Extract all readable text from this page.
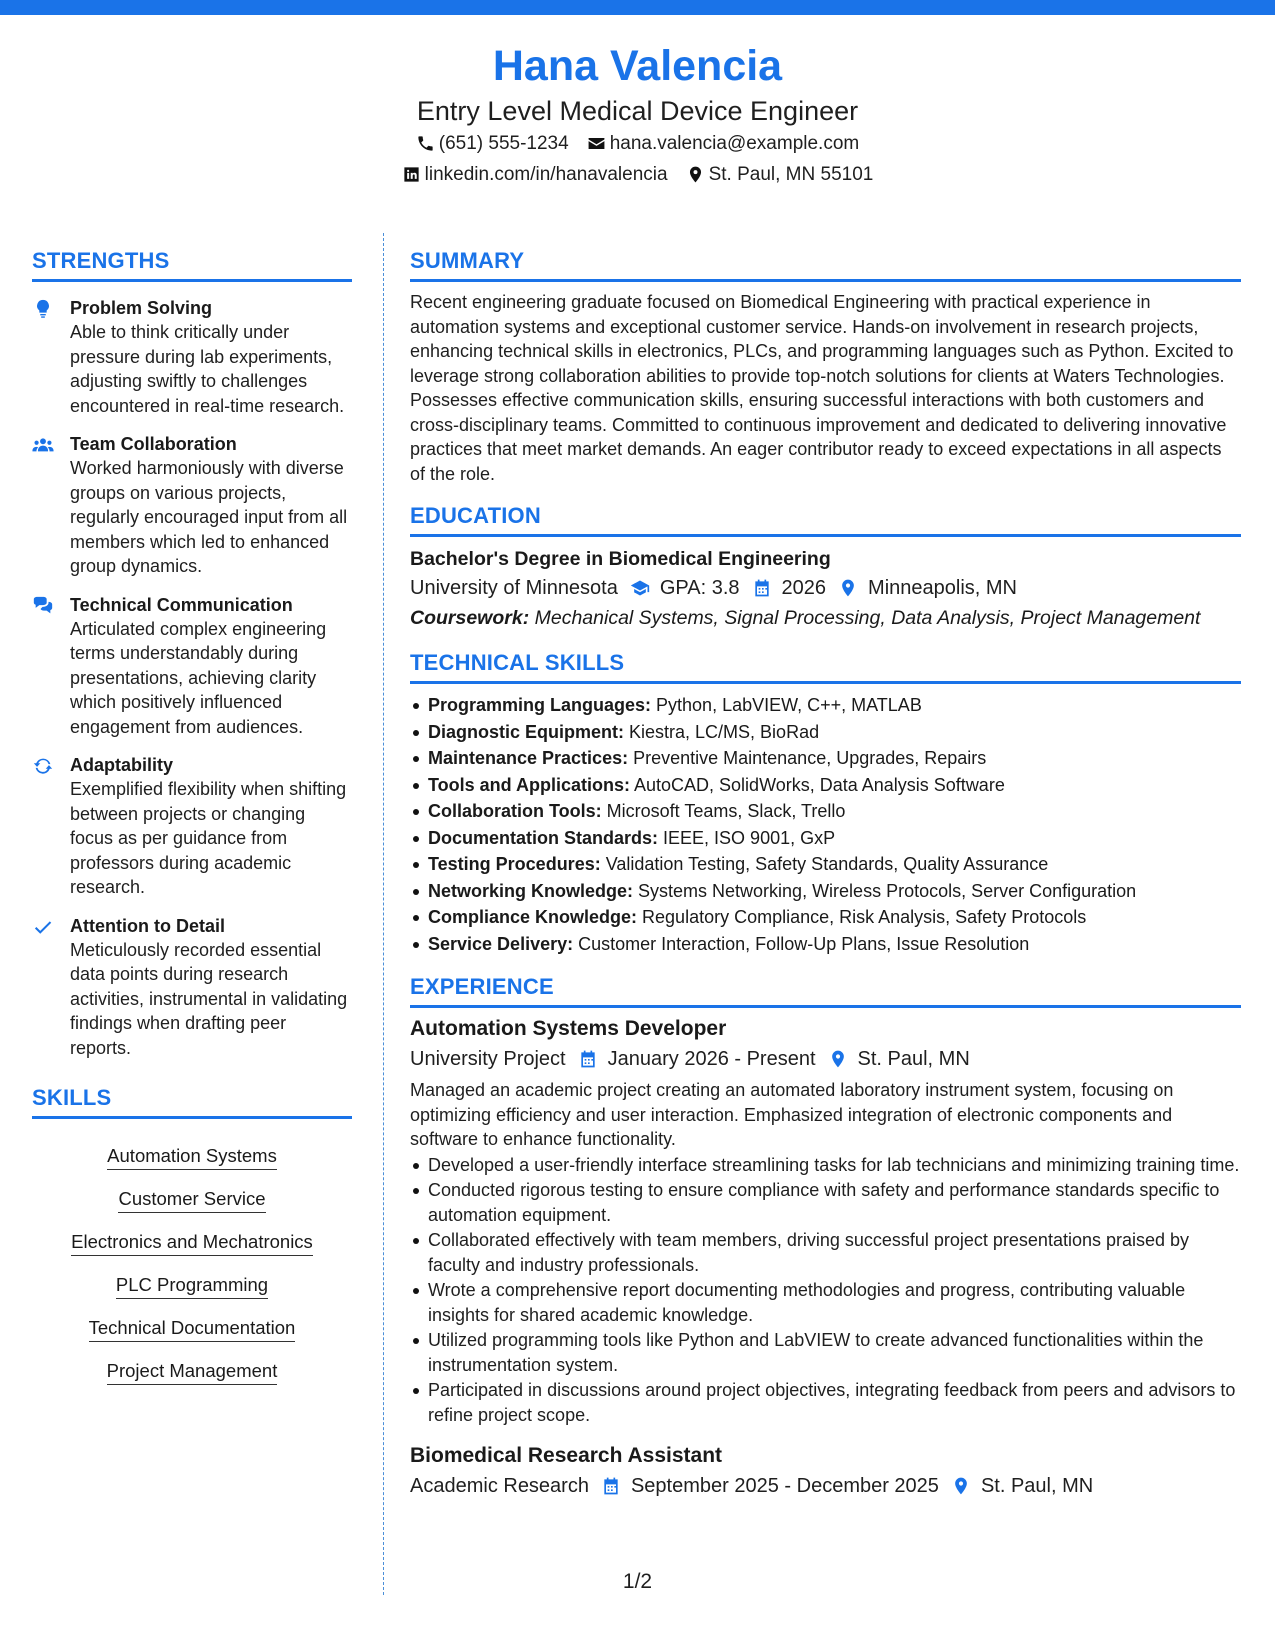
Hana Valencia
Entry Level Medical Device Engineer
(651) 555-1234 hana.valencia@example.com
linkedin.com/in/hanavalencia St. Paul, MN 55101
STRENGTHS
Problem Solving
Able to think critically under pressure during lab experiments, adjusting swiftly to challenges encountered in real-time research.
Team Collaboration
Worked harmoniously with diverse groups on various projects, regularly encouraged input from all members which led to enhanced group dynamics.
Technical Communication
Articulated complex engineering terms understandably during presentations, achieving clarity which positively influenced engagement from audiences.
Adaptability
Exemplified flexibility when shifting between projects or changing focus as per guidance from professors during academic research.
Attention to Detail
Meticulously recorded essential data points during research activities, instrumental in validating findings when drafting peer reports.
SKILLS
Automation Systems
Customer Service
Electronics and Mechatronics
PLC Programming
Technical Documentation
Project Management
SUMMARY
Recent engineering graduate focused on Biomedical Engineering with practical experience in automation systems and exceptional customer service. Hands-on involvement in research projects, enhancing technical skills in electronics, PLCs, and programming languages such as Python. Excited to leverage strong collaboration abilities to provide top-notch solutions for clients at Waters Technologies. Possesses effective communication skills, ensuring successful interactions with both customers and cross-disciplinary teams. Committed to continuous improvement and dedicated to delivering innovative practices that meet market demands. An eager contributor ready to exceed expectations in all aspects of the role.
EDUCATION
Bachelor's Degree in Biomedical Engineering
University of Minnesota GPA: 3.8 2026 Minneapolis, MN
Coursework: Mechanical Systems, Signal Processing, Data Analysis, Project Management
TECHNICAL SKILLS
Programming Languages: Python, LabVIEW, C++, MATLAB
Diagnostic Equipment: Kiestra, LC/MS, BioRad
Maintenance Practices: Preventive Maintenance, Upgrades, Repairs
Tools and Applications: AutoCAD, SolidWorks, Data Analysis Software
Collaboration Tools: Microsoft Teams, Slack, Trello
Documentation Standards: IEEE, ISO 9001, GxP
Testing Procedures: Validation Testing, Safety Standards, Quality Assurance
Networking Knowledge: Systems Networking, Wireless Protocols, Server Configuration
Compliance Knowledge: Regulatory Compliance, Risk Analysis, Safety Protocols
Service Delivery: Customer Interaction, Follow-Up Plans, Issue Resolution
EXPERIENCE
Automation Systems Developer
University Project January 2026 - Present St. Paul, MN
Managed an academic project creating an automated laboratory instrument system, focusing on optimizing efficiency and user interaction. Emphasized integration of electronic components and software to enhance functionality.
Developed a user-friendly interface streamlining tasks for lab technicians and minimizing training time.
Conducted rigorous testing to ensure compliance with safety and performance standards specific to automation equipment.
Collaborated effectively with team members, driving successful project presentations praised by faculty and industry professionals.
Wrote a comprehensive report documenting methodologies and progress, contributing valuable insights for shared academic knowledge.
Utilized programming tools like Python and LabVIEW to create advanced functionalities within the instrumentation system.
Participated in discussions around project objectives, integrating feedback from peers and advisors to refine project scope.
Biomedical Research Assistant
Academic Research September 2025 - December 2025 St. Paul, MN
1/2
